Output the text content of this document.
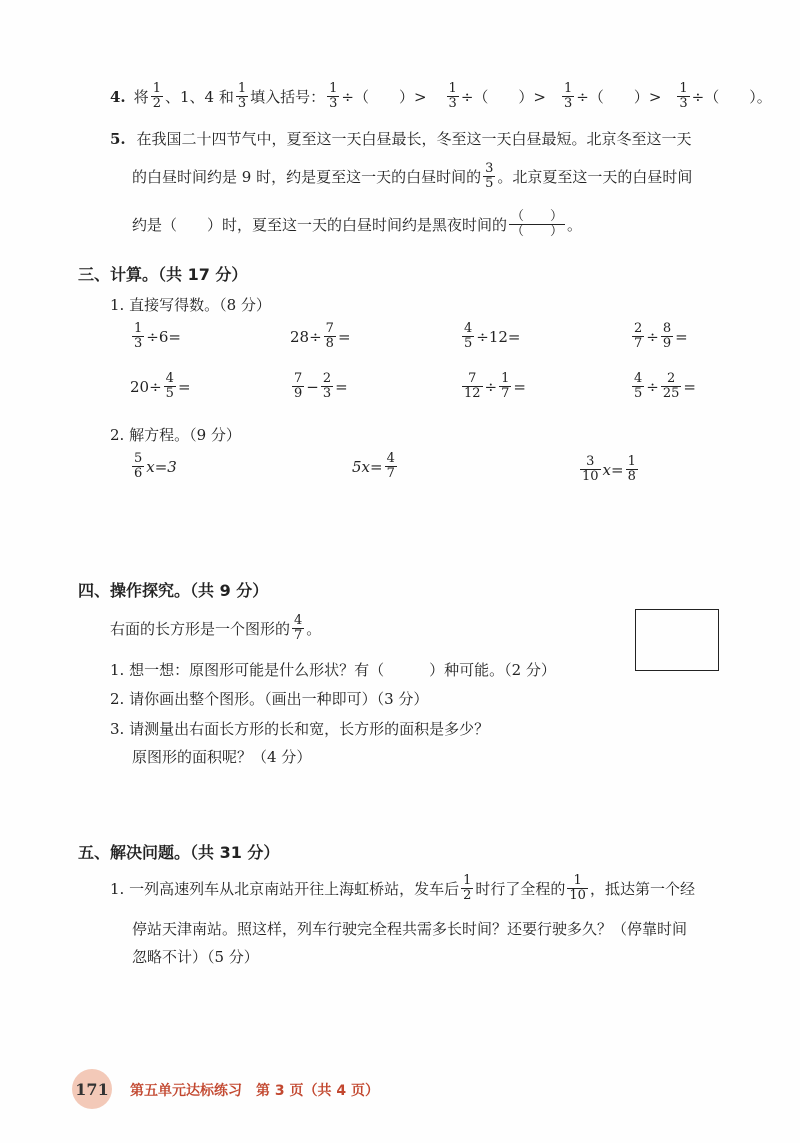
4. 将 $\frac{1}{2}$ 、1、4 和 $\frac{1}{3}$ 填入括号： $\frac{1}{3}$ ÷（　　）> $\frac{1}{3}$ ÷（　　）> $\frac{1}{3}$ ÷（　　）> $\frac{1}{3}$ ÷（　　）。
5. 在我国二十四节气中，夏至这一天白昼最长，冬至这一天白昼最短。北京冬至这一天
的白昼时间约是 9 时，约是夏至这一天的白昼时间的 $\frac{3}{5}$ 。北京夏至这一天的白昼时间
约是（　　）时，夏至这一天的白昼时间约是黑夜时间的 $\frac{( )}{( )}$ 。
三、计算。（共 17 分）
1. 直接写得数。（8 分）
$\frac{1}{3} \div 6=$	$28\div \frac{7}{8}$ =	$\frac{4}{5} \div 12=$	$\frac{2}{7} \div \frac{8}{9}$ =
$20\div \frac{4}{5}$ =	$\frac{7}{9} - \frac{2}{3}$ =	$\frac{7}{12} \div \frac{1}{7}$ =	$\frac{4}{5} \div \frac{2}{25}$ =
2. 解方程。（9 分）
$\frac{5}{6} x=3$	$5x= \frac{4}{7}$	$\frac{3}{10} x= \frac{1}{8}$
四、操作探究。（共 9 分）
右面的长方形是一个图形的 $\frac{4}{7}$ 。
1. 想一想：原图形可能是什么形状？有（　　　）种可能。（2 分）
2. 请你画出整个图形。（画出一种即可）（3 分）
3. 请测量出右面长方形的长和宽，长方形的面积是多少？
原图形的面积呢？（4 分）
五、解决问题。（共 31 分）
1. 一列高速列车从北京南站开往上海虹桥站，发车后 $\frac{1}{2}$ 时行了全程的 $\frac{1}{10}$ ，抵达第一个经
停站天津南站。照这样，列车行驶完全程共需多长时间？还要行驶多久？（停靠时间
忽略不计）（5 分）
171 第五单元达标练习　第 3 页（共 4 页）
